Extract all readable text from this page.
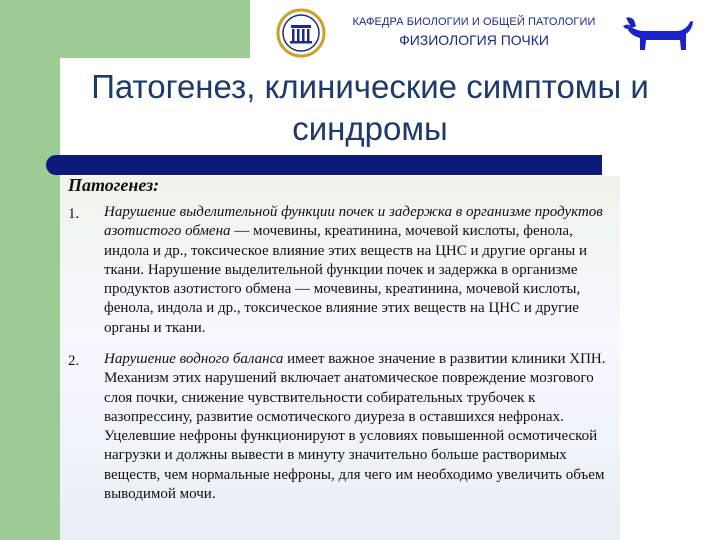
КАФЕДРА БИОЛОГИИ И ОБЩЕЙ ПАТОЛОГИИ
ФИЗИОЛОГИЯ ПОЧКИ
Патогенез, клинические симптомы и синдромы
Патогенез:
1. Нарушение выделительной функции почек и задержка в организме продуктов азотистого обмена — мочевины, креатинина, мочевой кислоты, фенола, индола и др., токсическое влияние этих веществ на ЦНС и другие органы и ткани. Нарушение выделительной функции почек и задержка в организме продуктов азотистого обмена — мочевины, креатинина, мочевой кислоты, фенола, индола и др., токсическое влияние этих веществ на ЦНС и другие органы и ткани.
2. Нарушение водного баланса имеет важное значение в развитии клиники ХПН. Механизм этих нарушений включает анатомическое повреждение мозгового слоя почки, снижение чувствительности собирательных трубочек к вазопрессину, развитие осмотического диуреза в оставшихся нефронах. Уцелевшие нефроны функционируют в условиях повышенной осмотической нагрузки и должны вывести в минуту значительно больше растворимых веществ, чем нормальные нефроны, для чего им необходимо увеличить объем выводимой мочи.
